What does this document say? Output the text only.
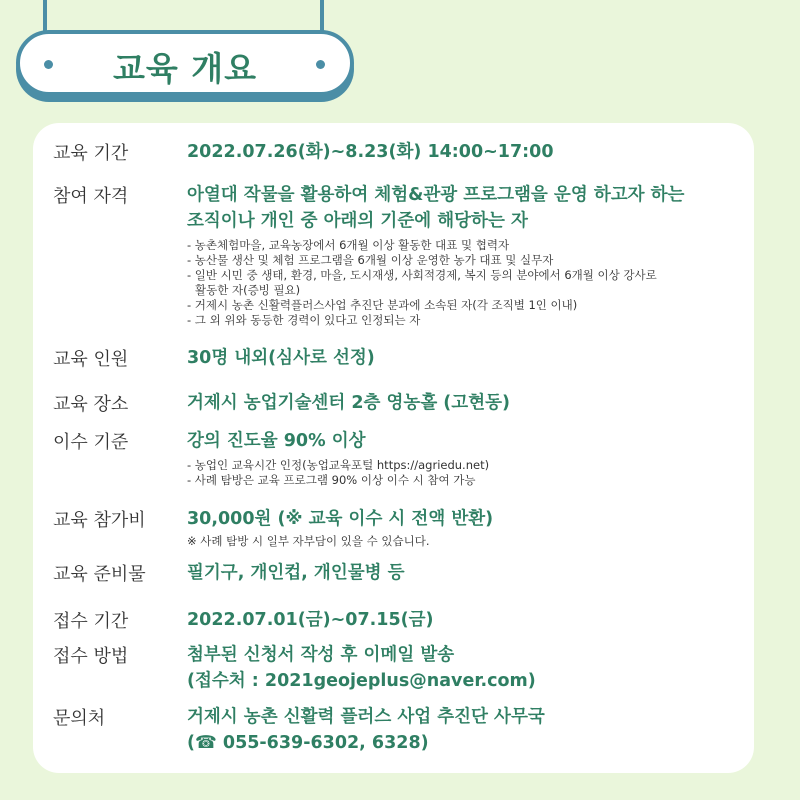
교육 개요
교육 기간	2022.07.26(화)~8.23(화) 14:00~17:00
참여 자격	아열대 작물을 활용하여 체험&관광 프로그램을 운영 하고자 하는
조직이나 개인 중 아래의 기준에 해당하는 자
- 농촌체험마을, 교육농장에서 6개월 이상 활동한 대표 및 협력자
- 농산물 생산 및 체험 프로그램을 6개월 이상 운영한 농가 대표 및 실무자
- 일반 시민 중 생태, 환경, 마을, 도시재생, 사회적경제, 복지 등의 분야에서 6개월 이상 강사로
활동한 자(증빙 필요)
- 거제시 농촌 신활력플러스사업 추진단 분과에 소속된 자(각 조직별 1인 이내)
- 그 외 위와 동등한 경력이 있다고 인정되는 자
교육 인원	30명 내외(심사로 선정)
교육 장소	거제시 농업기술센터 2층 영농홀 (고현동)
이수 기준	강의 진도율 90% 이상
- 농업인 교육시간 인정(농업교육포털 https://agriedu.net)
- 사례 탐방은 교육 프로그램 90% 이상 이수 시 참여 가능
교육 참가비 30,000원 (※ 교육 이수 시 전액 반환)
※ 사례 탐방 시 일부 자부담이 있을 수 있습니다.
교육 준비물 필기구, 개인컵, 개인물병 등
접수 기간	2022.07.01(금)~07.15(금)
접수 방법	첨부된 신청서 작성 후 이메일 발송
(접수처 : 2021geojeplus@naver.com)
문의처	거제시 농촌 신활력 플러스 사업 추진단 사무국
(☎ 055-639-6302, 6328)
